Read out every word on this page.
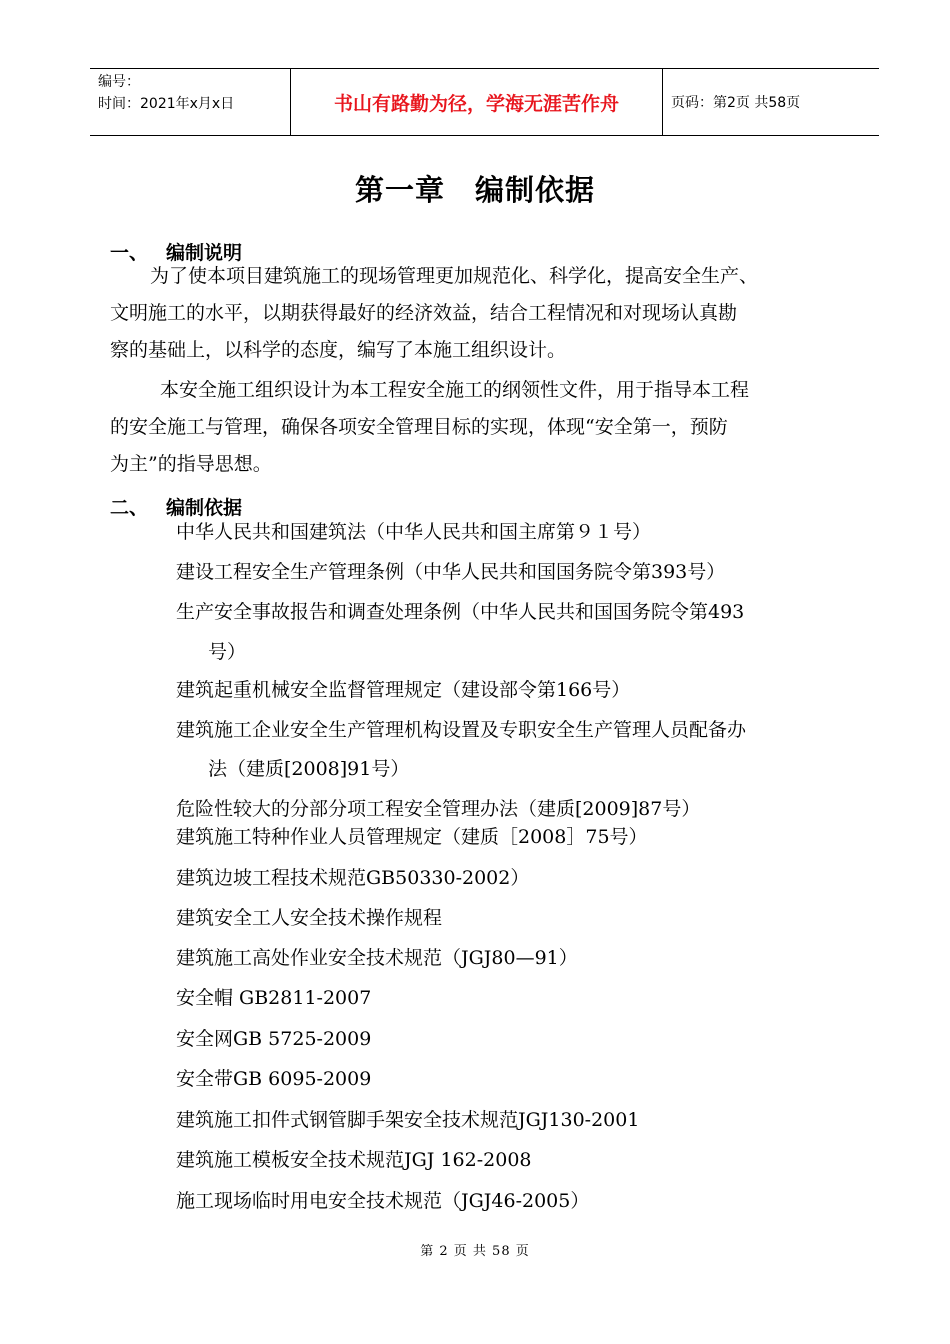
编号：
时间：2021年x月x日	书山有路勤为径，学海无涯苦作舟	页码：第2页 共58页
第一章　编制依据
一、 编制说明

为了使本项目建筑施工的现场管理更加规范化、科学化，提高安全生产、

文明施工的水平，以期获得最好的经济效益，结合工程情况和对现场认真勘

察的基础上，以科学的态度，编写了本施工组织设计。

本安全施工组织设计为本工程安全施工的纲领性文件，用于指导本工程

的安全施工与管理，确保各项安全管理目标的实现，体现“安全第一，预防

为主”的指导思想。

二、 编制依据
中华人民共和国建筑法（中华人民共和国主席第９１号）
建设工程安全生产管理条例（中华人民共和国国务院令第393号）
生产安全事故报告和调查处理条例（中华人民共和国国务院令第493
号）
建筑起重机械安全监督管理规定（建设部令第166号）
建筑施工企业安全生产管理机构设置及专职安全生产管理人员配备办
法（建质[2008]91号）
危险性较大的分部分项工程安全管理办法（建质[2009]87号）
建筑施工特种作业人员管理规定（建质［2008］75号）
建筑边坡工程技术规范GB50330-2002）
建筑安全工人安全技术操作规程
建筑施工高处作业安全技术规范（JGJ80—91）
安全帽 GB2811-2007
安全网GB 5725-2009
安全带GB 6095-2009
建筑施工扣件式钢管脚手架安全技术规范JGJ130-2001
建筑施工模板安全技术规范JGJ 162-2008
施工现场临时用电安全技术规范（JGJ46-2005）
第 2 页 共 58 页
